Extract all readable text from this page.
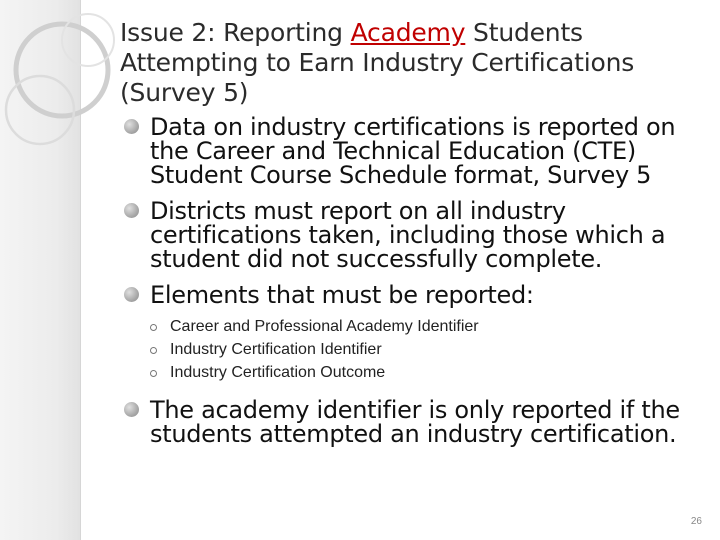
Issue 2: Reporting Academy Students
Attempting to Earn Industry Certifications
(Survey 5)
Data on industry certifications is reported on the Career and Technical Education (CTE) Student Course Schedule format, Survey 5
Districts must report on all industry certifications taken, including those which a student did not successfully complete.
Elements that must be reported:
Career and Professional Academy Identifier
Industry Certification Identifier
Industry Certification Outcome
The academy identifier is only reported if the students attempted an industry certification.
26
